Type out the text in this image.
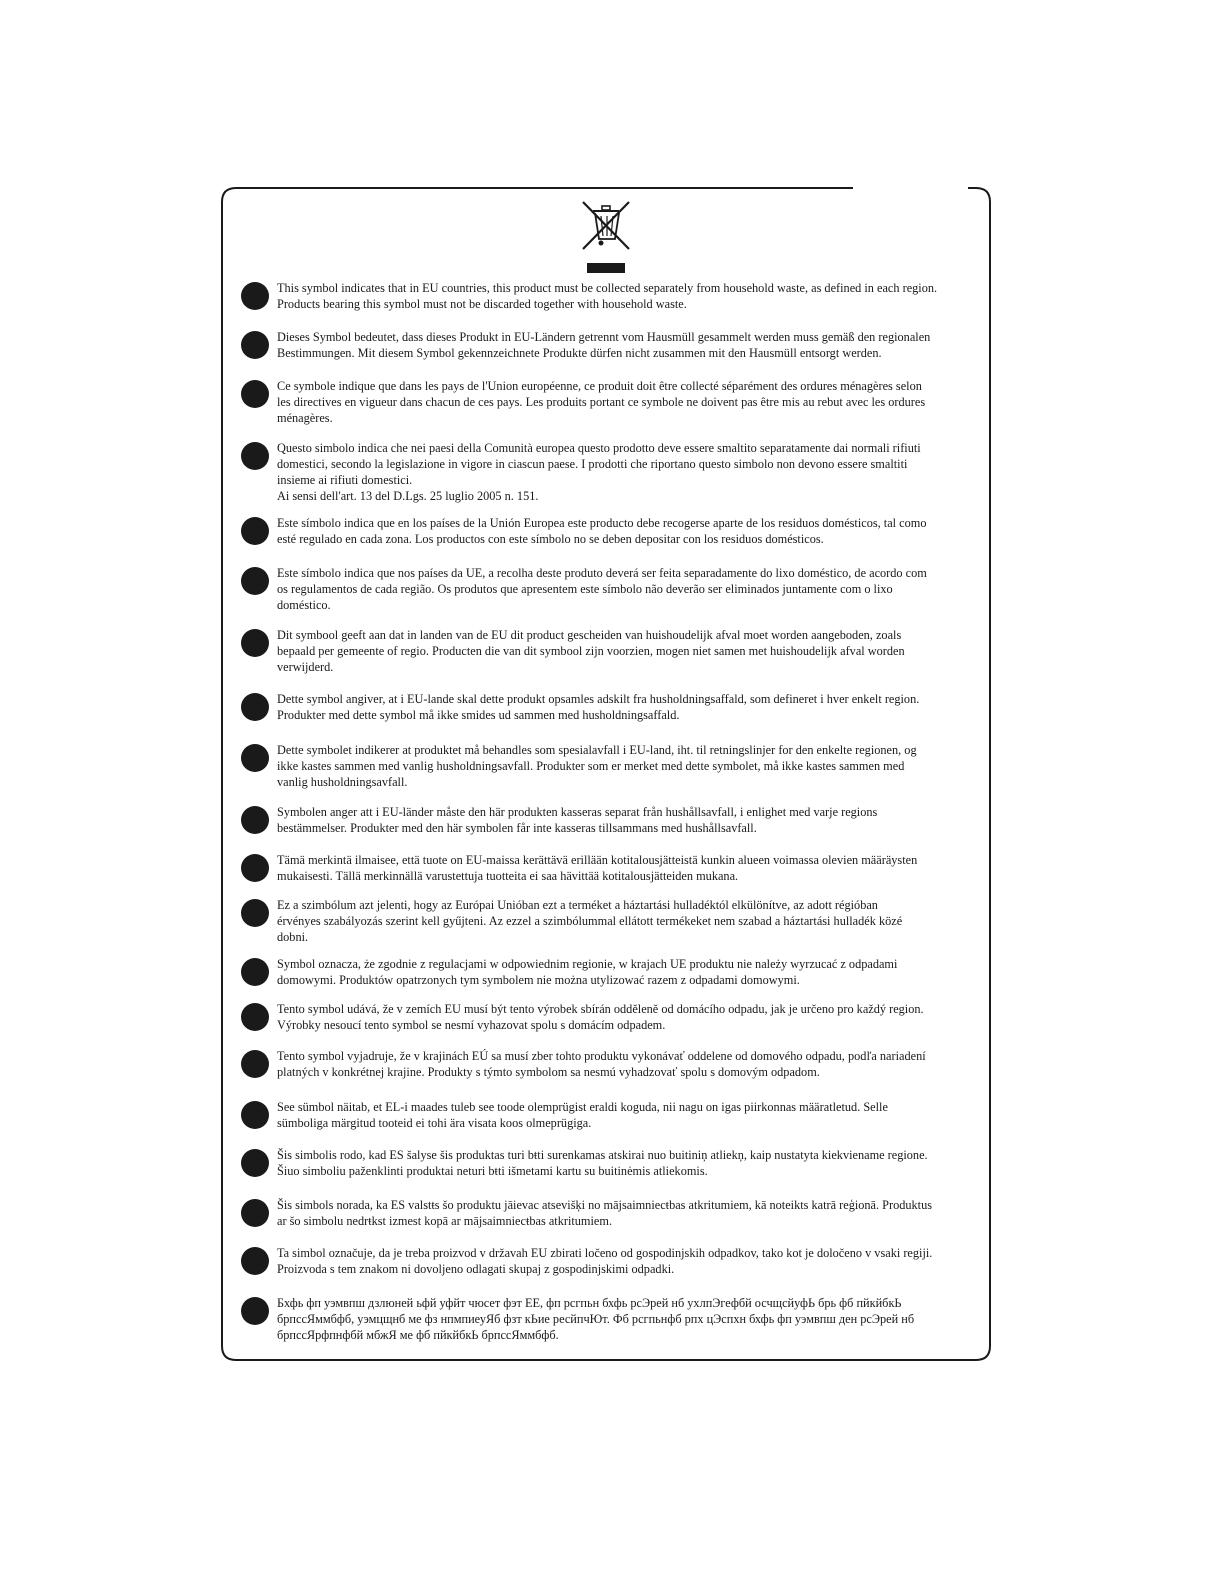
This symbol indicates that in EU countries, this product must be collected separately from household waste, as defined in each region.
Products bearing this symbol must not be discarded together with household waste.

Dieses Symbol bedeutet, dass dieses Produkt in EU-Ländern getrennt vom Hausmüll gesammelt werden muss gemäß den regionalen
Bestimmungen. Mit diesem Symbol gekennzeichnete Produkte dürfen nicht zusammen mit den Hausmüll entsorgt werden.

Ce symbole indique que dans les pays de l'Union européenne, ce produit doit être collecté séparément des ordures ménagères selon
les directives en vigueur dans chacun de ces pays. Les produits portant ce symbole ne doivent pas être mis au rebut avec les ordures
ménagères.

Questo simbolo indica che nei paesi della Comunità europea questo prodotto deve essere smaltito separatamente dai normali rifiuti
domestici, secondo la legislazione in vigore in ciascun paese. I prodotti che riportano questo simbolo non devono essere smaltiti
insieme ai rifiuti domestici.
Ai sensi dell'art. 13 del D.Lgs. 25 luglio 2005 n. 151.

Este símbolo indica que en los países de la Unión Europea este producto debe recogerse aparte de los residuos domésticos, tal como
esté regulado en cada zona. Los productos con este símbolo no se deben depositar con los residuos domésticos.

Este símbolo indica que nos países da UE, a recolha deste produto deverá ser feita separadamente do lixo doméstico, de acordo com
os regulamentos de cada região. Os produtos que apresentem este símbolo não deverão ser eliminados juntamente com o lixo
doméstico.

Dit symbool geeft aan dat in landen van de EU dit product gescheiden van huishoudelijk afval moet worden aangeboden, zoals
bepaald per gemeente of regio. Producten die van dit symbool zijn voorzien, mogen niet samen met huishoudelijk afval worden
verwijderd.

Dette symbol angiver, at i EU-lande skal dette produkt opsamles adskilt fra husholdningsaffald, som defineret i hver enkelt region.
Produkter med dette symbol må ikke smides ud sammen med husholdningsaffald.

Dette symbolet indikerer at produktet må behandles som spesialavfall i EU-land, iht. til retningslinjer for den enkelte regionen, og
ikke kastes sammen med vanlig husholdningsavfall. Produkter som er merket med dette symbolet, må ikke kastes sammen med
vanlig husholdningsavfall.

Symbolen anger att i EU-länder måste den här produkten kasseras separat från hushållsavfall, i enlighet med varje regions
bestämmelser. Produkter med den här symbolen får inte kasseras tillsammans med hushållsavfall.

Tämä merkintä ilmaisee, että tuote on EU-maissa kerättävä erillään kotitalousjätteistä kunkin alueen voimassa olevien määräysten
mukaisesti. Tällä merkinnällä varustettuja tuotteita ei saa hävittää kotitalousjätteiden mukana.

Ez a szimbólum azt jelenti, hogy az Európai Unióban ezt a terméket a háztartási hulladéktól elkülönítve, az adott régióban
érvényes szabályozás szerint kell gyűjteni. Az ezzel a szimbólummal ellátott termékeket nem szabad a háztartási hulladék közé
dobni.

Symbol oznacza, że zgodnie z regulacjami w odpowiednim regionie, w krajach UE produktu nie należy wyrzucać z odpadami
domowymi. Produktów opatrzonych tym symbolem nie można utylizować razem z odpadami domowymi.

Tento symbol udává, že v zemích EU musí být tento výrobek sbírán odděleně od domácího odpadu, jak je určeno pro každý region.
Výrobky nesoucí tento symbol se nesmí vyhazovat spolu s domácím odpadem.

Tento symbol vyjadruje, že v krajinách EÚ sa musí zber tohto produktu vykonávať oddelene od domového odpadu, podľa nariadení
platných v konkrétnej krajine. Produkty s týmto symbolom sa nesmú vyhadzovať spolu s domovým odpadom.

See sümbol näitab, et EL-i maades tuleb see toode olemprügist eraldi koguda, nii nagu on igas piirkonnas määratletud. Selle
sümboliga märgitud tooteid ei tohi ära visata koos olmeprügiga.

Šis simbolis rodo, kad ES šalyse šis produktas turi bŧti surenkamas atskirai nuo buitiniņ atliekņ, kaip nustatyta kiekviename regione.
Šiuo simboliu paženklinti produktai neturi bŧti išmetami kartu su buitinėmis atliekomis.

Šis simbols norada, ka ES valstŧs šo produktu jāievac atsevišķi no mājsaimniecŧbas atkritumiem, kā noteikts katrā reģionā. Produktus
ar šo simbolu nedrŧkst izmest kopā ar mājsaimniecŧbas atkritumiem.

Ta simbol označuje, da je treba proizvod v državah EU zbirati ločeno od gospodinjskih odpadkov, tako kot je določeno v vsaki regiji.
Proizvoda s tem znakom ni dovoljeno odlagati skupaj z gospodinjskimi odpadki.

Бхфь фп уэмвпш дзлюней ьфй уфйт чюсет фэт ЕЕ, фп рсгпьн бхфь рсЭрей нб ухлпЭгефбй осчщсйуфЬ брь фб пйкйбкЬ
брпссЯммбфб, уэмцщнб ме фз нпмпиеуЯб фзт кЬие ресйпчЮт. Фб рсгпьнфб рпх цЭспхн бхфь фп уэмвпш ден рсЭрей нб
брпссЯрфпнфбй мбжЯ ме фб пйкйбкЬ брпссЯммбфб.
